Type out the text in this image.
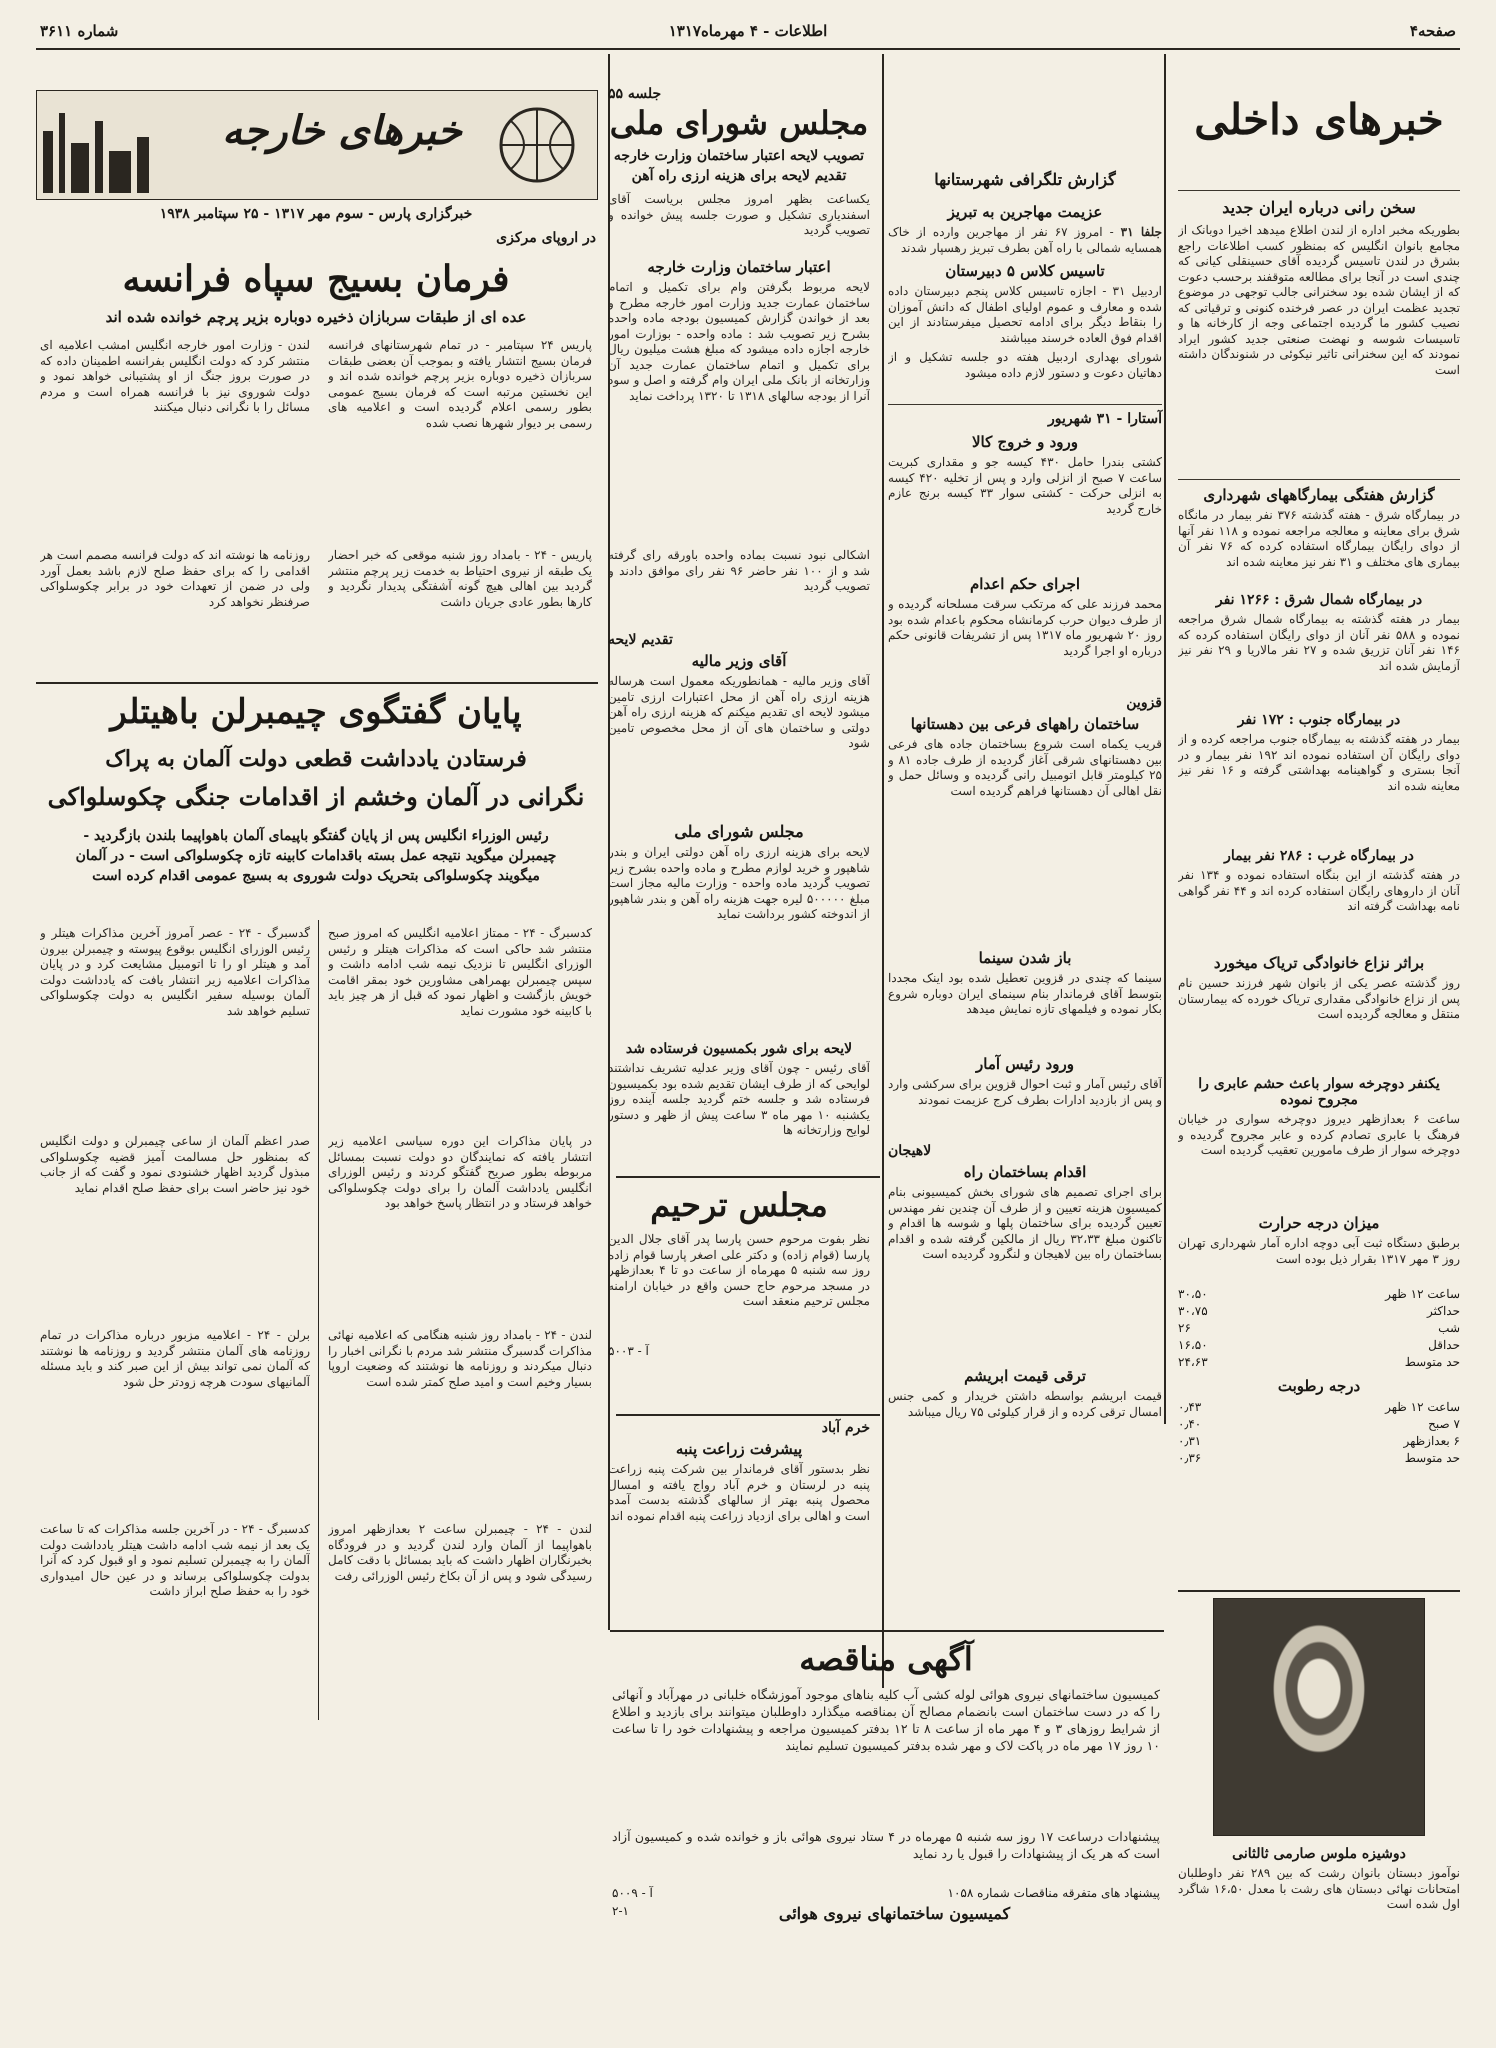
صفحه۴
اطلاعات - ۴ مهرماه۱۳۱۷
شماره ۳۶۱۱
خبرهای داخلی
سخن رانی درباره ایران جدید
بطوریکه مخبر اداره از لندن اطلاع میدهد اخیرا دوبانک از مجامع بانوان انگلیس که بمنظور کسب اطلاعات راجع بشرق در لندن تاسیس گردیده آقای حسینقلی کیانی که چندی است در آنجا برای مطالعه متوقفند برحسب دعوت که از ایشان شده بود سخنرانی جالب توجهی در موضوع تجدید عظمت ایران در عصر فرخنده کنونی و ترقیاتی که نصیب کشور ما گردیده اجتماعی وجه از کارخانه ها و تاسیسات شوسه و نهضت صنعتی جدید کشور ایراد نمودند که این سخنرانی تاثیر نیکوئی در شنوندگان داشته است
گزارش هفتگی بیمارگاههای شهرداری
در بیمارگاه شرق - هفته گذشته ۳۷۶ نفر بیمار در مانگاه شرق برای معاینه و معالجه مراجعه نموده و ۱۱۸ نفر آنها از دوای رایگان بیمارگاه استفاده کرده که ۷۶ نفر آن بیماری های مختلف و ۳۱ نفر نیز معاینه شده اند
در بیمارگاه شمال شرق : ۱۲۶۶ نفر
بیمار در هفته گذشته به بیمارگاه شمال شرق مراجعه نموده و ۵۸۸ نفر آنان از دوای رایگان استفاده کرده که ۱۴۶ نفر آنان تزریق شده و ۲۷ نفر مالاریا و ۲۹ نفر نیز آزمایش شده اند
در بیمارگاه جنوب : ۱۷۲ نفر
بیمار در هفته گذشته به بیمارگاه جنوب مراجعه کرده و از دوای رایگان آن استفاده نموده اند ۱۹۲ نفر بیمار و در آنجا بستری و گواهینامه بهداشتی گرفته و ۱۶ نفر نیز معاینه شده اند
در بیمارگاه غرب : ۲۸۶ نفر بیمار
در هفته گذشته از این بنگاه استفاده نموده و ۱۳۴ نفر آنان از داروهای رایگان استفاده کرده اند و ۴۴ نفر گواهی نامه بهداشت گرفته اند
براثر نزاع خانوادگی تریاک میخورد
روز گذشته عصر یکی از بانوان شهر فرزند حسین نام پس از نزاع خانوادگی مقداری تریاک خورده که بیمارستان منتقل و معالجه گردیده است
یکنفر دوچرخه سوار باعث حشم عابری را مجروح نموده
ساعت ۶ بعدازظهر دیروز دوچرخه سواری در خیابان فرهنگ با عابری تصادم کرده و عابر مجروح گردیده و دوچرخه سوار از طرف مامورین تعقیب گردیده است
میزان درجه حرارت
برطبق دستگاه ثبت آبی دوچه اداره آمار شهرداری تهران روز ۳ مهر ۱۳۱۷ بقرار ذیل بوده است
ساعت ۱۲ ظهر
۳۰،۵۰
حداکثر
۳۰،۷۵
شب
۲۶
حداقل
۱۶،۵۰
حد متوسط
۲۴،۶۳
درجه رطوبت
ساعت ۱۲ ظهر
۰٫۴۳
۷ صبح
۰٫۴۰
۶ بعدازظهر
۰٫۳۱
حد متوسط
۰٫۳۶
دوشیزه ملوس صارمی ثالثانی
نوآموز دبستان بانوان رشت که بین ۲۸۹ نفر داوطلبان امتحانات نهائی دبستان های رشت با معدل ۱۶،۵۰ شاگرد اول شده است
گزارش تلگرافی شهرستانها
عزیمت مهاجرین به تبریز
جلفا ۳۱ - امروز ۶۷ نفر از مهاجرین وارده از خاک همسایه شمالی با راه آهن بطرف تبریز رهسپار شدند
تاسیس کلاس ۵ دبیرستان
اردبیل ۳۱ - اجازه تاسیس کلاس پنجم دبیرستان داده شده و معارف و عموم اولیای اطفال که دانش آموزان را بنقاط دیگر برای ادامه تحصیل میفرستادند از این اقدام فوق العاده خرسند میباشند
شورای بهداری اردبیل هفته دو جلسه تشکیل و از دهاتیان دعوت و دستور لازم داده میشود
آستارا - ۳۱ شهریور
ورود و خروج کالا
کشتی بندرا حامل ۴۳۰ کیسه جو و مقداری کبریت ساعت ۷ صبح از انزلی وارد و پس از تخلیه ۴۲۰ کیسه به انزلی حرکت - کشتی سوار ۳۳ کیسه برنج عازم خارج گردید
اجرای حکم اعدام
محمد فرزند علی که مرتکب سرقت مسلحانه گردیده و از طرف دیوان حرب کرمانشاه محکوم باعدام شده بود روز ۲۰ شهریور ماه ۱۳۱۷ پس از تشریفات قانونی حکم درباره او اجرا گردید
قزوین
ساختمان راههای فرعی بین دهستانها
قریب یکماه است شروع بساختمان جاده های فرعی بین دهستانهای شرقی آغاز گردیده از طرف جاده ۸۱ و ۲۵ کیلومتر قابل اتومبیل رانی گردیده و وسائل حمل و نقل اهالی آن دهستانها فراهم گردیده است
باز شدن سینما
سینما که چندی در قزوین تعطیل شده بود اینک مجددا بتوسط آقای فرماندار بنام سینمای ایران دوباره شروع بکار نموده و فیلمهای تازه نمایش میدهد
ورود رئیس آمار
آقای رئیس آمار و ثبت احوال قزوین برای سرکشی وارد و پس از بازدید ادارات بطرف کرج عزیمت نمودند
لاهیجان
اقدام بساختمان راه
برای اجرای تصمیم های شورای بخش کمیسیونی بنام کمیسیون هزینه تعیین و از طرف آن چندین نفر مهندس تعیین گردیده برای ساختمان پلها و شوسه ها اقدام و تاکنون مبلغ ۳۲،۳۳ ریال از مالکین گرفته شده و اقدام بساختمان راه بین لاهیجان و لنگرود گردیده است
ترقی قیمت ابریشم
قیمت ابریشم بواسطه داشتن خریدار و کمی جنس امسال ترقی کرده و از قرار کیلوئی ۷۵ ریال میباشد
جلسه ۵۵
مجلس شورای ملی
تصویب لایحه اعتبار ساختمان وزارت خارجه
تقدیم لایحه برای هزینه ارزی راه آهن
یکساعت بظهر امروز مجلس بریاست آقای اسفندیاری تشکیل و صورت جلسه پیش خوانده و تصویب گردید
اعتبار ساختمان وزارت خارجه
لایحه مربوط بگرفتن وام برای تکمیل و اتمام ساختمان عمارت جدید وزارت امور خارجه مطرح و بعد از خواندن گزارش کمیسیون بودجه ماده واحده بشرح زیر تصویب شد : ماده واحده - بوزارت امور خارجه اجازه داده میشود که مبلغ هشت میلیون ریال برای تکمیل و اتمام ساختمان عمارت جدید آن وزارتخانه از بانک ملی ایران وام گرفته و اصل و سود آنرا از بودجه سالهای ۱۳۱۸ تا ۱۳۲۰ پرداخت نماید
اشکالی نبود نسبت بماده واحده باورقه رای گرفته شد و از ۱۰۰ نفر حاضر ۹۶ نفر رای موافق دادند و تصویب گردید
تقدیم لایحه
آقای وزیر مالیه
آقای وزیر مالیه - همانطوریکه معمول است هرساله هزینه ارزی راه آهن از محل اعتبارات ارزی تامین میشود لایحه ای تقدیم میکنم که هزینه ارزی راه آهن دولتی و ساختمان های آن از محل مخصوص تامین شود
مجلس شورای ملی
لایحه برای هزینه ارزی راه آهن دولتی ایران و بندر شاهپور و خرید لوازم مطرح و ماده واحده بشرح زیر تصویب گردید ماده واحده - وزارت مالیه مجاز است مبلغ ۵۰۰۰۰۰ لیره جهت هزینه راه آهن و بندر شاهپور از اندوخته کشور برداشت نماید
لایحه برای شور بکمسیون فرستاده شد
آقای رئیس - چون آقای وزیر عدلیه تشریف نداشتند لوایحی که از طرف ایشان تقدیم شده بود بکمیسیون فرستاده شد و جلسه ختم گردید جلسه آینده روز یکشنبه ۱۰ مهر ماه ۳ ساعت پیش از ظهر و دستور لوایح وزارتخانه ها
مجلس ترحیم
نظر بفوت مرحوم حسن پارسا پدر آقای جلال الدین پارسا (قوام زاده) و دکتر علی اصغر پارسا قوام زاده روز سه شنبه ۵ مهرماه از ساعت دو تا ۴ بعدازظهر در مسجد مرحوم حاج حسن واقع در خیابان ارامنه مجلس ترحیم منعقد است
آ - ۵۰۰۳
خرم آباد
پیشرفت زراعت پنبه
نظر بدستور آقای فرماندار بین شرکت پنبه زراعت پنبه در لرستان و خرم آباد رواج یافته و امسال محصول پنبه بهتر از سالهای گذشته بدست آمده است و اهالی برای ازدیاد زراعت پنبه اقدام نموده اند
خبرهای خارجه
خبرگزاری پارس - سوم مهر ۱۳۱۷ - ۲۵ سپتامبر ۱۹۳۸
در اروپای مرکزی
فرمان بسیج سپاه فرانسه
عده ای از طبقات سربازان ذخیره دوباره بزیر پرچم خوانده شده اند
پاریس ۲۴ سپتامبر - در تمام شهرستانهای فرانسه فرمان بسیج انتشار یافته و بموجب آن بعضی طبقات سربازان ذخیره دوباره بزیر پرچم خوانده شده اند و این نخستین مرتبه است که فرمان بسیج عمومی بطور رسمی اعلام گردیده است و اعلامیه های رسمی بر دیوار شهرها نصب شده
لندن - وزارت امور خارجه انگلیس امشب اعلامیه ای منتشر کرد که دولت انگلیس بفرانسه اطمینان داده که در صورت بروز جنگ از او پشتیبانی خواهد نمود و دولت شوروی نیز با فرانسه همراه است و مردم مسائل را با نگرانی دنبال میکنند
پاریس - ۲۴ - بامداد روز شنبه موقعی که خبر احضار یک طبقه از نیروی احتیاط به خدمت زیر پرچم منتشر گردید بین اهالی هیچ گونه آشفتگی پدیدار نگردید و کارها بطور عادی جریان داشت
روزنامه ها نوشته اند که دولت فرانسه مصمم است هر اقدامی را که برای حفظ صلح لازم باشد بعمل آورد ولی در ضمن از تعهدات خود در برابر چکوسلواکی صرفنظر نخواهد کرد
پایان گفتگوی چیمبرلن باهیتلر
فرستادن یادداشت قطعی دولت آلمان به پراک
نگرانی در آلمان وخشم از اقدامات جنگی چکوسلواکی
رئیس الوزراء انگلیس پس از پایان گفتگو باپیمای آلمان باهواپیما بلندن بازگردید - چیمبرلن میگوید نتیجه عمل بسته باقدامات کابینه تازه چکوسلواکی است - در آلمان میگویند چکوسلواکی بتحریک دولت شوروی به بسیج عمومی اقدام کرده است
کدسبرگ - ۲۴ - ممتاز اعلامیه انگلیس که امروز صبح منتشر شد حاکی است که مذاکرات هیتلر و رئیس الوزرای انگلیس تا نزدیک نیمه شب ادامه داشت و سپس چیمبرلن بهمراهی مشاورین خود بمقر اقامت خویش بازگشت و اظهار نمود که قبل از هر چیز باید با کابینه خود مشورت نماید
گدسبرگ - ۲۴ - عصر آمروز آخرین مذاکرات هیتلر و رئیس الوزرای انگلیس بوقوع پیوسته و چیمبرلن بیرون آمد و هیتلر او را تا اتومبیل مشایعت کرد و در پایان مذاکرات اعلامیه زیر انتشار یافت که یادداشت دولت آلمان بوسیله سفیر انگلیس به دولت چکوسلواکی تسلیم خواهد شد
در پایان مذاکرات این دوره سیاسی اعلامیه زیر انتشار یافته که نمایندگان دو دولت نسبت بمسائل مربوطه بطور صریح گفتگو کردند و رئیس الوزرای انگلیس یادداشت آلمان را برای دولت چکوسلواکی خواهد فرستاد و در انتظار پاسخ خواهد بود
صدر اعظم آلمان از ساعی چیمبرلن و دولت انگلیس که بمنظور حل مسالمت آمیز قضیه چکوسلواکی مبذول گردید اظهار خشنودی نمود و گفت که از جانب خود نیز حاضر است برای حفظ صلح اقدام نماید
لندن - ۲۴ - بامداد روز شنبه هنگامی که اعلامیه نهائی مذاکرات گدسبرگ منتشر شد مردم با نگرانی اخبار را دنبال میکردند و روزنامه ها نوشتند که وضعیت اروپا بسیار وخیم است و امید صلح کمتر شده است
برلن - ۲۴ - اعلامیه مزبور درباره مذاکرات در تمام روزنامه های آلمان منتشر گردید و روزنامه ها نوشتند که آلمان نمی تواند بیش از این صبر کند و باید مسئله آلمانیهای سودت هرچه زودتر حل شود
لندن - ۲۴ - چیمبرلن ساعت ۲ بعدازظهر امروز باهواپیما از آلمان وارد لندن گردید و در فرودگاه بخبرنگاران اظهار داشت که باید بمسائل با دقت کامل رسیدگی شود و پس از آن بکاخ رئیس الوزرائی رفت
کدسبرگ - ۲۴ - در آخرین جلسه مذاکرات که تا ساعت یک بعد از نیمه شب ادامه داشت هیتلر یادداشت دولت آلمان را به چیمبرلن تسلیم نمود و او قبول کرد که آنرا بدولت چکوسلواکی برساند و در عین حال امیدواری خود را به حفظ صلح ابراز داشت
آگهی مناقصه
کمیسیون ساختمانهای نیروی هوائی لوله کشی آب کلیه بناهای موجود آموزشگاه خلبانی در مهرآباد و آنهائی را که در دست ساختمان است بانضمام مصالح آن بمناقصه میگذارد داوطلبان میتوانند برای بازدید و اطلاع از شرایط روزهای ۳ و ۴ مهر ماه از ساعت ۸ تا ۱۲ بدفتر کمیسیون مراجعه و پیشنهادات خود را تا ساعت ۱۰ روز ۱۷ مهر ماه در پاکت لاک و مهر شده بدفتر کمیسیون تسلیم نمایند
پیشنهادات درساعت ۱۷ روز سه شنبه ۵ مهرماه در ۴ ستاد نیروی هوائی باز و خوانده شده و کمیسیون آزاد است که هر یک از پیشنهادات را قبول یا رد نماید
پیشنهاد های متفرقه مناقصات شماره ۱۰۵۸
آ - ۵۰۰۹
کمیسیون ساختمانهای نیروی هوائی
۲-۱
